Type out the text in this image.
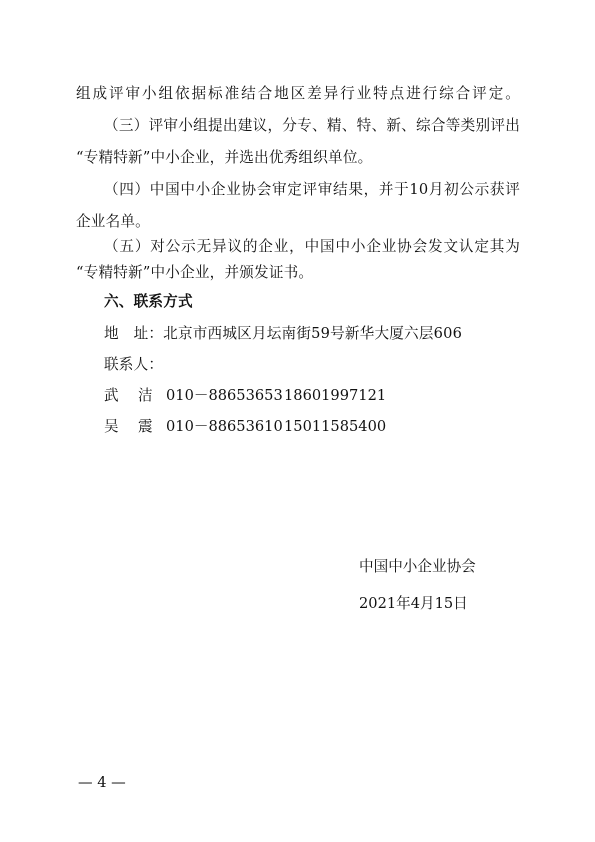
组成评审小组依据标准结合地区差异行业特点进行综合评定。
（三）评审小组提出建议，分专、精、特、新、综合等类别评出
“专精特新”中小企业，并选出优秀组织单位。
（四）中国中小企业协会审定评审结果，并于10月初公示获评
企业名单。
（五）对公示无异议的企业，中国中小企业协会发文认定其为
“专精特新”中小企业，并颁发证书。
六、联系方式
地　址：北京市西城区月坛南街59号新华大厦六层606
联系人：
武 洁 010－8865365318601997121
吴 震 010－8865361015011585400
中国中小企业协会
2021年4月15日
— 4 —
